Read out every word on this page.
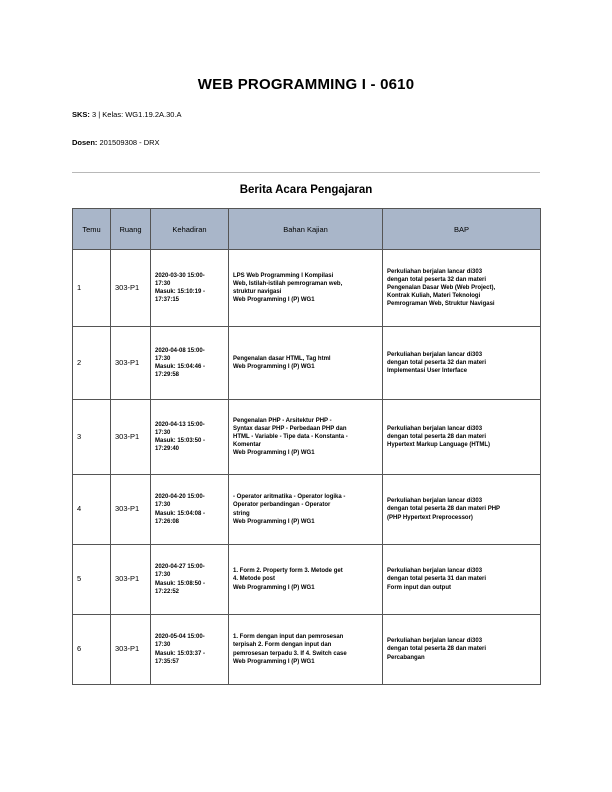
WEB PROGRAMMING I - 0610
SKS: 3 | Kelas: WG1.19.2A.30.A
Dosen: 201509308 - DRX
Berita Acara Pengajaran
Temu	Ruang	Kehadiran	Bahan Kajian	BAP
1	303-P1	2020-03-30 15:00-
17:30
Masuk: 15:10:19 -
17:37:15	LPS Web Programming I Kompilasi
Web, Istilah-istilah pemrograman web,
struktur navigasi
Web Programming I (P) WG1	Perkuliahan berjalan lancar di303
dengan total peserta 32 dan materi
Pengenalan Dasar Web (Web Project),
Kontrak Kuliah, Materi Teknologi
Pemrograman Web, Struktur Navigasi
2	303-P1	2020-04-08 15:00-
17:30
Masuk: 15:04:46 -
17:29:58	Pengenalan dasar HTML, Tag html
Web Programming I (P) WG1	Perkuliahan berjalan lancar di303
dengan total peserta 32 dan materi
Implementasi User Interface
3	303-P1	2020-04-13 15:00-
17:30
Masuk: 15:03:50 -
17:29:40	Pengenalan PHP - Arsitektur PHP -
Syntax dasar PHP - Perbedaan PHP dan
HTML - Variable - Tipe data - Konstanta -
Komentar
Web Programming I (P) WG1	Perkuliahan berjalan lancar di303
dengan total peserta 28 dan materi
Hypertext Markup Language (HTML)
4	303-P1	2020-04-20 15:00-
17:30
Masuk: 15:04:08 -
17:26:08	- Operator aritmatika - Operator logika -
Operator perbandingan - Operator
string
Web Programming I (P) WG1	Perkuliahan berjalan lancar di303
dengan total peserta 28 dan materi PHP
(PHP Hypertext Preprocessor)
5	303-P1	2020-04-27 15:00-
17:30
Masuk: 15:08:50 -
17:22:52	1. Form 2. Property form 3. Metode get
4. Metode post
Web Programming I (P) WG1	Perkuliahan berjalan lancar di303
dengan total peserta 31 dan materi
Form input dan output
6	303-P1	2020-05-04 15:00-
17:30
Masuk: 15:03:37 -
17:35:57	1. Form dengan input dan pemrosesan
terpisah 2. Form dengan input dan
pemrosesan terpadu 3. If 4. Switch case
Web Programming I (P) WG1	Perkuliahan berjalan lancar di303
dengan total peserta 28 dan materi
Percabangan
